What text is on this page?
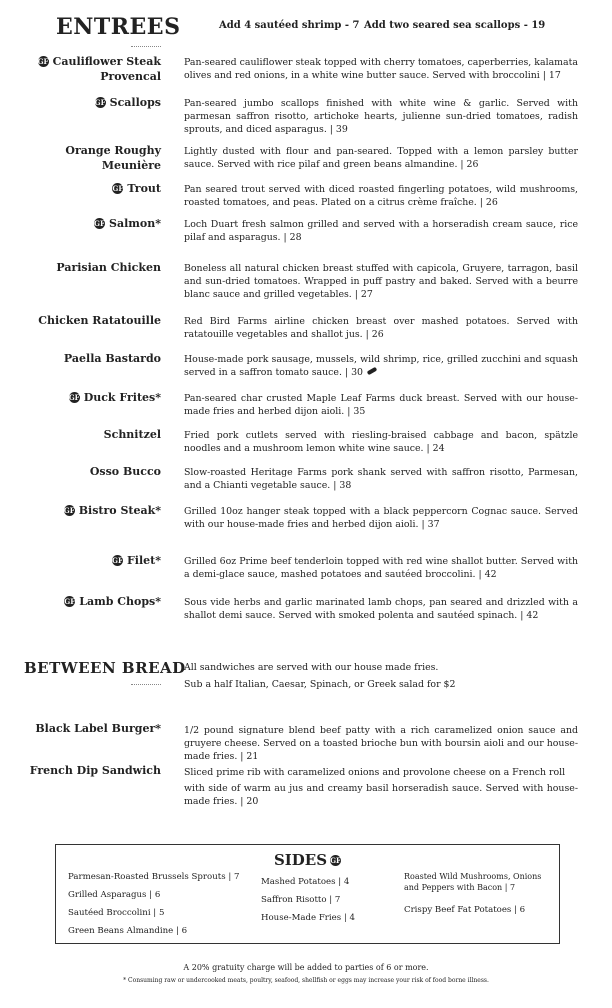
ENTREES	Add 4 sautéed shrimp - 7 Add two seared sea scallops - 19
GF Cauliflower Steak Provencal
Pan-seared cauliflower steak topped with cherry tomatoes, caperberries, kalamata olives and red onions, in a white wine butter sauce. Served with broccolini | 17
GF Scallops Pan-seared jumbo scallops finished with white wine & garlic. Served with parmesan saffron risotto, artichoke hearts, julienne sun-dried tomatoes, radish sprouts, and diced asparagus. | 39
Orange Roughy Meunière
Lightly dusted with flour and pan-seared. Topped with a lemon parsley butter sauce. Served with rice pilaf and green beans almandine. | 26
GF Trout Pan seared trout served with diced roasted fingerling potatoes, wild mushrooms, roasted tomatoes, and peas. Plated on a citrus crème fraîche. | 26
GF Salmon* Loch Duart fresh salmon grilled and served with a horseradish cream sauce, rice pilaf and asparagus. | 28
Parisian Chicken Boneless all natural chicken breast stuffed with capicola, Gruyere, tarragon, basil and sun-dried tomatoes. Wrapped in puff pastry and baked. Served with a beurre blanc sauce and grilled vegetables. | 27
Chicken Ratatouille Red Bird Farms airline chicken breast over mashed potatoes. Served with ratatouille vegetables and shallot jus. | 26
Paella Bastardo House-made pork sausage, mussels, wild shrimp, rice, grilled zucchini and squash served in a saffron tomato sauce. | 30
GF Duck Frites* Pan-seared char crusted Maple Leaf Farms duck breast. Served with our house-made fries and herbed dijon aioli. | 35
Schnitzel Fried pork cutlets served with riesling-braised cabbage and bacon, spätzle noodles and a mushroom lemon white wine sauce. | 24
Osso Bucco Slow-roasted Heritage Farms pork shank served with saffron risotto, Parmesan, and a Chianti vegetable sauce. | 38
GF Bistro Steak* Grilled 10oz hanger steak topped with a black peppercorn Cognac sauce. Served with our house-made fries and herbed dijon aioli. | 37
GF Filet* Grilled 6oz Prime beef tenderloin topped with red wine shallot butter. Served with a demi-glace sauce, mashed potatoes and sautéed broccolini. | 42
GF Lamb Chops* Sous vide herbs and garlic marinated lamb chops, pan seared and drizzled with a shallot demi sauce. Served with smoked polenta and sautéed spinach. | 42
BETWEEN BREAD
All sandwiches are served with our house made fries.
Sub a half Italian, Caesar, Spinach, or Greek salad for $2
Black Label Burger* 1/2 pound signature blend beef patty with a rich caramelized onion sauce and gruyere cheese. Served on a toasted brioche bun with boursin aioli and our house-made fries. | 21
French Dip Sandwich Sliced prime rib with caramelized onions and provolone cheese on a French roll
with side of warm au jus and creamy basil horseradish sauce. Served with house-made fries. | 20
SIDES GF
Parmesan-Roasted Brussels Sprouts | 7
Grilled Asparagus | 6
Sautéed Broccolini | 5
Green Beans Almandine | 6
Mashed Potatoes | 4
Saffron Risotto | 7
House-Made Fries | 4
Roasted Wild Mushrooms, Onions and Peppers with Bacon | 7
Crispy Beef Fat Potatoes | 6
A 20% gratuity charge will be added to parties of 6 or more.
* Consuming raw or undercooked meats, poultry, seafood, shellfish or eggs may increase your risk of food borne illness.
